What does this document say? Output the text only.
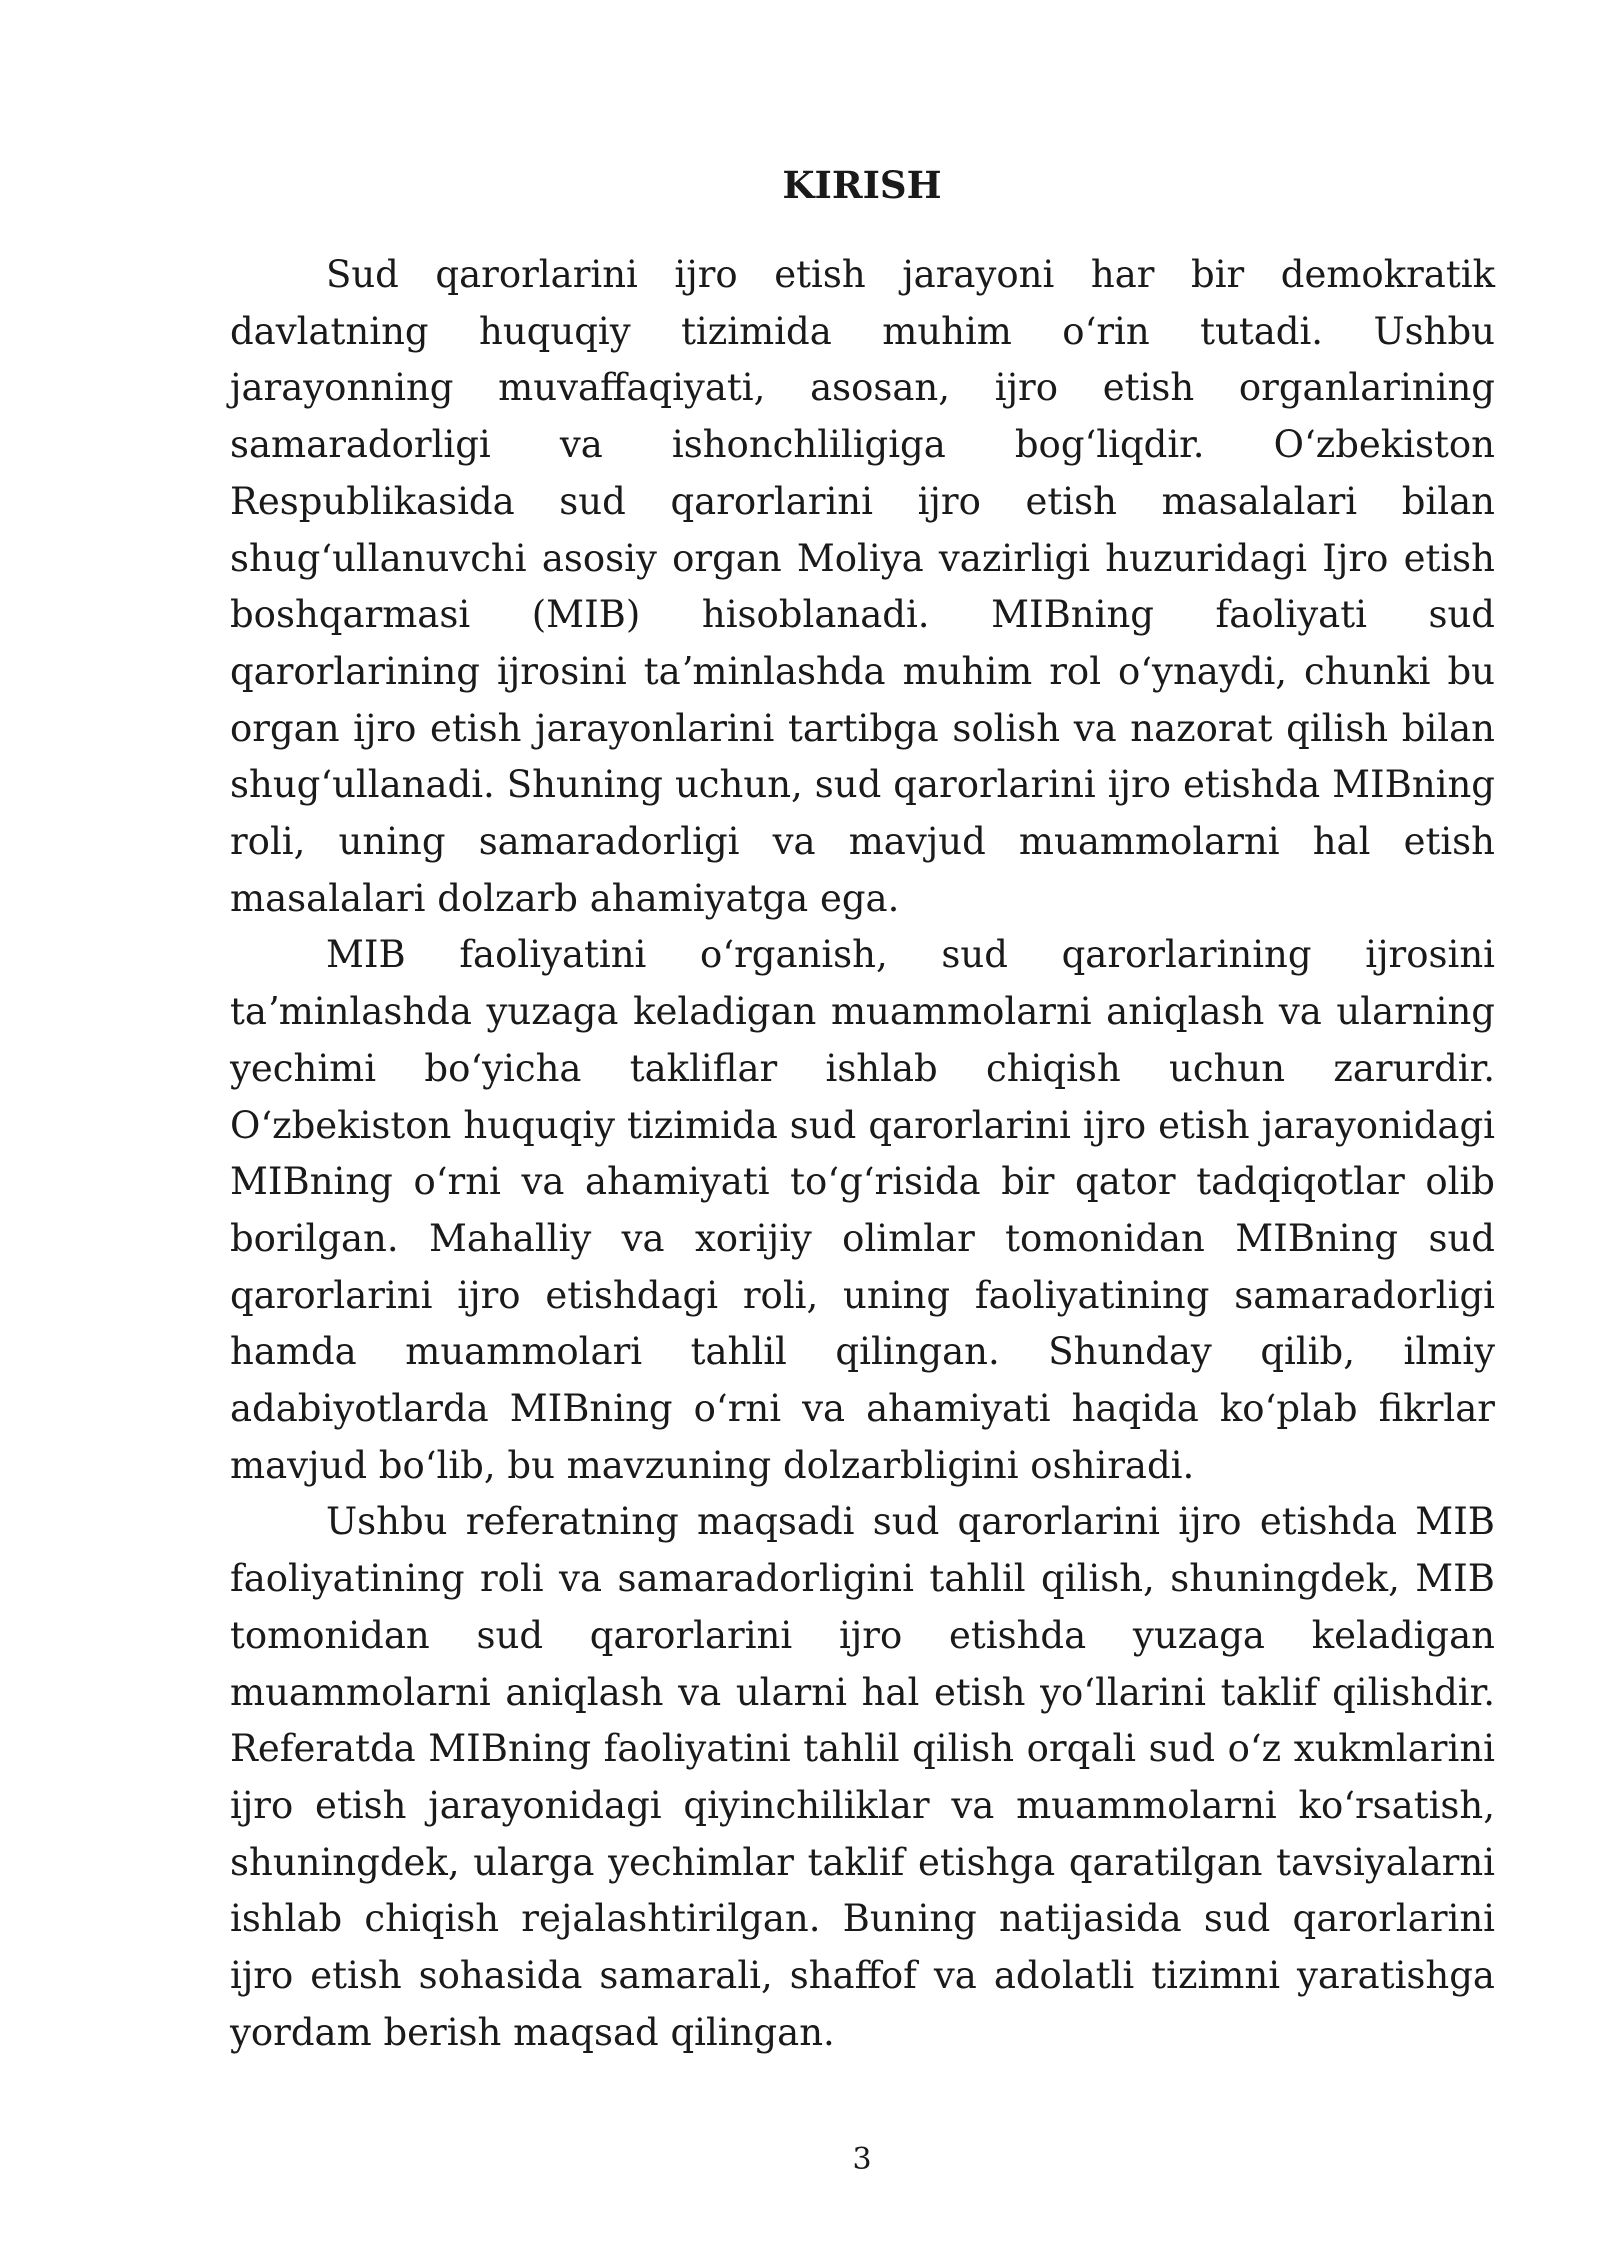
KIRISH

Sud qarorlarini ijro etish jarayoni har bir demokratik davlatning huquqiy tizimida muhim oʻrin tutadi. Ushbu jarayonning muvaffaqiyati, asosan, ijro etish organlarining samaradorligi va ishonchliligiga bogʻliqdir. Oʻzbekiston Respublikasida sud qarorlarini ijro etish masalalari bilan shugʻullanuvchi asosiy organ Moliya vazirligi huzuridagi Ijro etish boshqarmasi (MIB) hisoblanadi. MIBning faoliyati sud qarorlarining ijrosini taʼminlashda muhim rol oʻynaydi, chunki bu organ ijro etish jarayonlarini tartibga solish va nazorat qilish bilan shugʻullanadi. Shuning uchun, sud qarorlarini ijro etishda MIBning roli, uning samaradorligi va mavjud muammolarni hal etish masalalari dolzarb ahamiyatga ega.

MIB faoliyatini oʻrganish, sud qarorlarining ijrosini taʼminlashda yuzaga keladigan muammolarni aniqlash va ularning yechimi boʻyicha takliflar ishlab chiqish uchun zarurdir. Oʻzbekiston huquqiy tizimida sud qarorlarini ijro etish jarayonidagi MIBning oʻrni va ahamiyati toʻgʻrisida bir qator tadqiqotlar olib borilgan. Mahalliy va xorijiy olimlar tomonidan MIBning sud qarorlarini ijro etishdagi roli, uning faoliyatining samaradorligi hamda muammolari tahlil qilingan. Shunday qilib, ilmiy adabiyotlarda MIBning oʻrni va ahamiyati haqida koʻplab fikrlar mavjud boʻlib, bu mavzuning dolzarbligini oshiradi.

Ushbu referatning maqsadi sud qarorlarini ijro etishda MIB faoliyatining roli va samaradorligini tahlil qilish, shuningdek, MIB tomonidan sud qarorlarini ijro etishda yuzaga keladigan muammolarni aniqlash va ularni hal etish yoʻllarini taklif qilishdir. Referatda MIBning faoliyatini tahlil qilish orqali sud oʻz xukmlarini ijro etish jarayonidagi qiyinchiliklar va muammolarni koʻrsatish, shuningdek, ularga yechimlar taklif etishga qaratilgan tavsiyalarni ishlab chiqish rejalashtirilgan. Buning natijasida sud qarorlarini ijro etish sohasida samarali, shaffof va adolatli tizimni yaratishga yordam berish maqsad qilingan.

3
